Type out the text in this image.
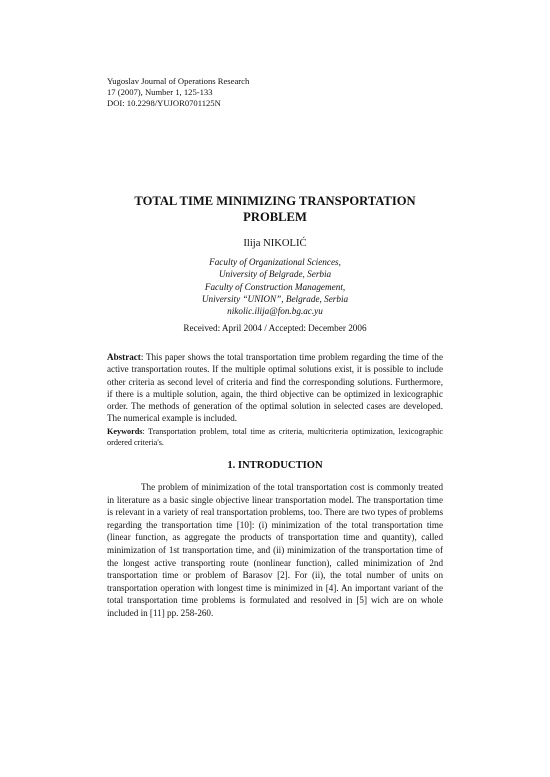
Yugoslav Journal of Operations Research
17 (2007), Number 1, 125-133
DOI: 10.2298/YUJOR0701125N
TOTAL TIME MINIMIZING TRANSPORTATION
PROBLEM
Ilija NIKOLIĆ
Faculty of Organizational Sciences,
University of Belgrade, Serbia
Faculty of Construction Management,
University “UNION”, Belgrade, Serbia
nikolic.ilija@fon.bg.ac.yu
Received: April 2004 / Accepted: December 2006
Abstract: This paper shows the total transportation time problem regarding the time of the active transportation routes. If the multiple optimal solutions exist, it is possible to include other criteria as second level of criteria and find the corresponding solutions. Furthermore, if there is a multiple solution, again, the third objective can be optimized in lexicographic order. The methods of generation of the optimal solution in selected cases are developed. The numerical example is included.
Keywords: Transportation problem, total time as criteria, multicriteria optimization, lexicographic ordered criteria's.
1. INTRODUCTION
The problem of minimization of the total transportation cost is commonly treated in literature as a basic single objective linear transportation model. The transportation time is relevant in a variety of real transportation problems, too. There are two types of problems regarding the transportation time [10]: (i) minimization of the total transportation time (linear function, as aggregate the products of transportation time and quantity), called minimization of 1st transportation time, and (ii) minimization of the transportation time of the longest active transporting route (nonlinear function), called minimization of 2nd transportation time or problem of Barasov [2]. For (ii), the total number of units on transportation operation with longest time is minimized in [4]. An important variant of the total transportation time problems is formulated and resolved in [5] wich are on whole included in [11] pp. 258-260.
